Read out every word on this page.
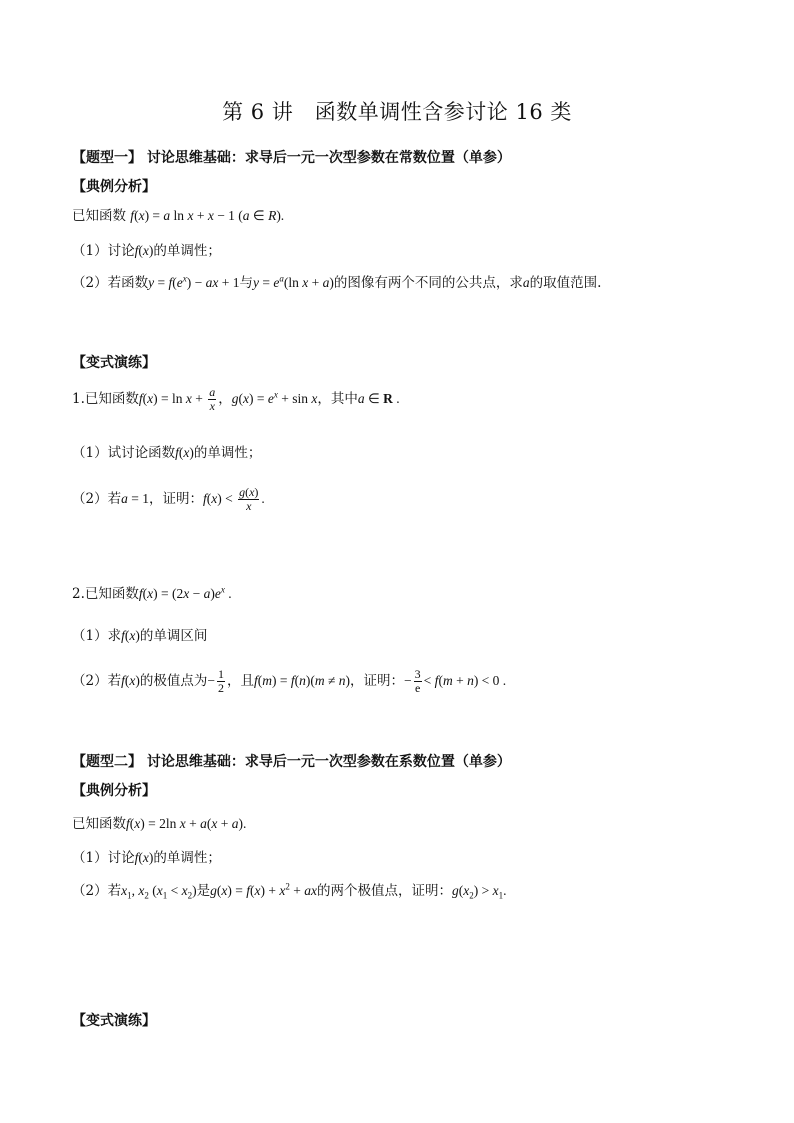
第 6 讲　函数单调性含参讨论 16 类
【题型一】 讨论思维基础：求导后一元一次型参数在常数位置（单参）
【典例分析】
已知函数 f(x) = a ln x + x − 1 (a ∈ R).
（1）讨论f(x)的单调性；
（2）若函数$y = f(e^x)$ − ax + 1与$y = e^a(\ln$ x + a)的图像有两个不同的公共点，求a的取值范围.
【变式演练】
1.已知函数$f(x) = \ln x + \frac{a}{x}$ ，$g(x) = e^x + \sin x$，其中a ∈ R .
（1）试讨论函数f(x)的单调性；
（2）若a = 1，证明：$f(x) < \frac{g(x)}{x}$ .
2.已知函数$f(x) = (2x - a)e^x$ .
（1）求f(x)的单调区间
（2）若f(x)的极值点为− $\frac{1}{2}$ ，且f(m) = f(n)(m ≠ n)，证明：− $\frac{3}{e} < f(m + n) < 0$ .
【题型二】 讨论思维基础：求导后一元一次型参数在系数位置（单参）
【典例分析】
已知函数f(x) = 2ln x + a(x + a).
（1）讨论f(x)的单调性；
（2）若$x_1$, $x_2$ $(x_1 < x_2)$是$g(x) = f(x) + x^2$ + ax的两个极值点，证明：$g(x_2) > x_1$.
【变式演练】
